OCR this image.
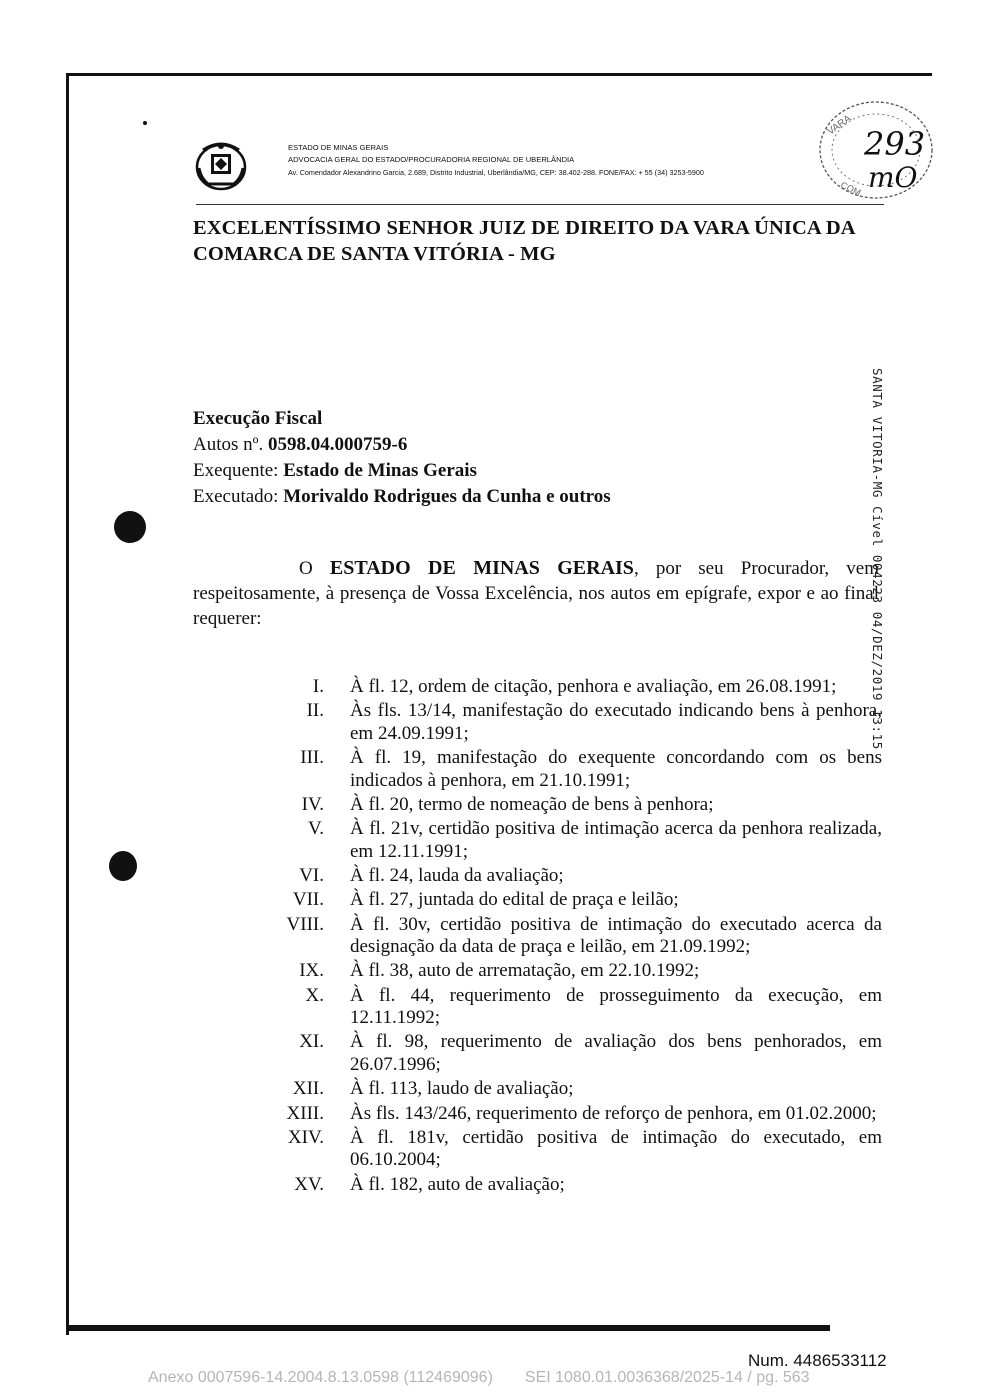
ESTADO DE MINAS GERAIS
ADVOCACIA GERAL DO ESTADO/PROCURADORIA REGIONAL DE UBERLÂNDIA
Av. Comendador Alexandrino Garcia, 2.689, Distrito Industrial, Uberlândia/MG, CEP: 38.402-288. FONE/FAX: + 55 (34) 3253-5900
VARA
COM.
293
mO
EXCELENTÍSSIMO SENHOR JUIZ DE DIREITO DA VARA ÚNICA DA COMARCA DE SANTA VITÓRIA - MG
Execução Fiscal
Autos nº. 0598.04.000759-6
Exequente: Estado de Minas Gerais
Executado: Morivaldo Rodrigues da Cunha e outros

O ESTADO DE MINAS GERAIS, por seu Procurador, vem respeitosamente, à presença de Vossa Excelência, nos autos em epígrafe, expor e ao final requerer:

I.	À fl. 12, ordem de citação, penhora e avaliação, em 26.08.1991;
II.	Às fls. 13/14, manifestação do executado indicando bens à penhora, em 24.09.1991;
III.	À fl. 19, manifestação do exequente concordando com os bens indicados à penhora, em 21.10.1991;
IV.	À fl. 20, termo de nomeação de bens à penhora;
V.	À fl. 21v, certidão positiva de intimação acerca da penhora realizada, em 12.11.1991;
VI.	À fl. 24, lauda da avaliação;
VII.	À fl. 27, juntada do edital de praça e leilão;
VIII.	À fl. 30v, certidão positiva de intimação do executado acerca da designação da data de praça e leilão, em 21.09.1992;
IX.	À fl. 38, auto de arrematação, em 22.10.1992;
X.	À fl. 44, requerimento de prosseguimento da execução, em 12.11.1992;
XI.	À fl. 98, requerimento de avaliação dos bens penhorados, em 26.07.1996;
XII.	À fl. 113, laudo de avaliação;
XIII.	Às fls. 143/246, requerimento de reforço de penhora, em 01.02.2000;
XIV.	À fl. 181v, certidão positiva de intimação do executado, em 06.10.2004;
XV.	À fl. 182, auto de avaliação;
SANTA VITORIA-MG Cível 004223 04/DEZ/2019 13:15
Num. 4486533112
Anexo 0007596-14.2004.8.13.0598 (112469096) SEI 1080.01.0036368/2025-14 / pg. 563
